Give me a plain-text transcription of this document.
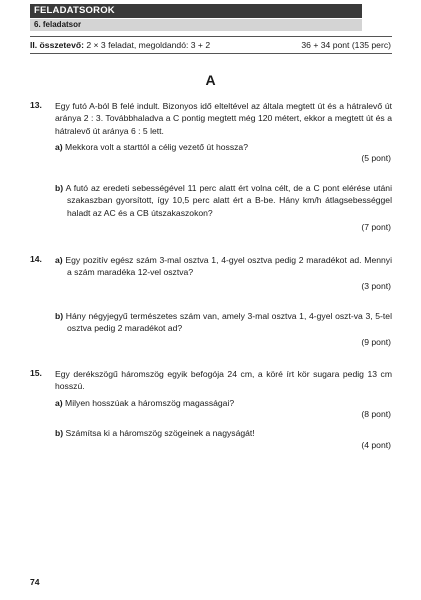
FELADATSOROK
6. feladatsor
II. összetevő: 2 × 3 feladat, megoldandó: 3 + 2	36 + 34 pont (135 perc)
A
13. Egy futó A-ból B felé indult. Bizonyos idő elteltével az általa megtett út és a hátralevő út aránya 2 : 3. Továbbhaladva a C pontig megtett még 120 métert, ekkor a megtett út és a hátralevő út aránya 6 : 5 lett.
a) Mekkora volt a starttól a célig vezető út hossza?
(5 pont)
b) A futó az eredeti sebességével 11 perc alatt ért volna célt, de a C pont elérése utáni szakaszban gyorsított, így 10,5 perc alatt ért a B-be. Hány km/h átlagsebességgel haladt az AC és a CB útszakaszokon?
(7 pont)
14. a) Egy pozitív egész szám 3-mal osztva 1, 4-gyel osztva pedig 2 maradékot ad. Mennyi a szám maradéka 12-vel osztva?
(3 pont)
b) Hány négyjegyű természetes szám van, amely 3-mal osztva 1, 4-gyel oszt-va 3, 5-tel osztva pedig 2 maradékot ad?
(9 pont)
15. Egy derékszögű háromszög egyik befogója 24 cm, a köré írt kör sugara pedig 13 cm hosszú.
a) Milyen hosszúak a háromszög magasságai?
(8 pont)
b) Számítsa ki a háromszög szögeinek a nagyságát!
(4 pont)
74
